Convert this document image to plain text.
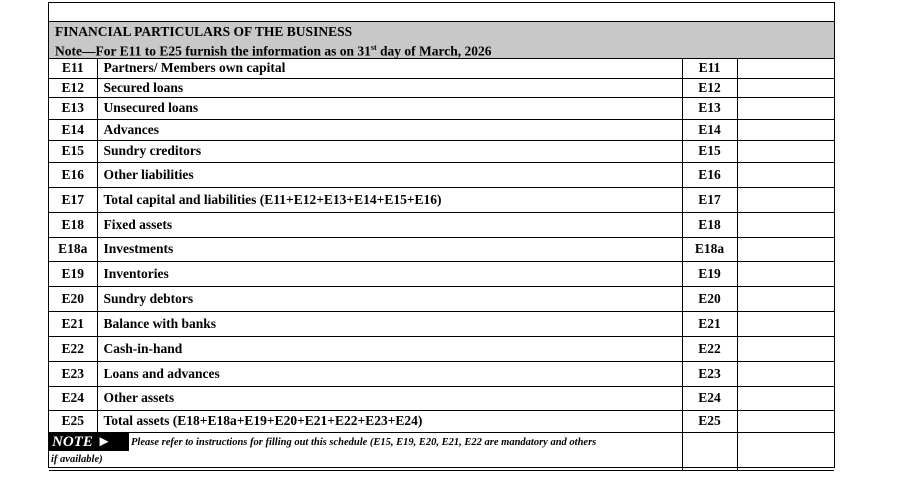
FINANCIAL PARTICULARS OF THE BUSINESS
Note—For E11 to E25 furnish the information as on 31st day of March, 2026
E11	Partners/ Members own capital	E11	
E12	Secured loans	E12	
E13	Unsecured loans	E13	
E14	Advances	E14	
E15	Sundry creditors	E15	
E16	Other liabilities	E16	
E17	Total capital and liabilities (E11+E12+E13+E14+E15+E16)	E17	
E18	Fixed assets	E18	
E18a	Investments	E18a	
E19	Inventories	E19	
E20	Sundry debtors	E20	
E21	Balance with banks	E21	
E22	Cash-in-hand	E22	
E23	Loans and advances	E23	
E24	Other assets	E24	
E25	Total assets (E18+E18a+E19+E20+E21+E22+E23+E24)	E25	

NOTE ► Please refer to instructions for filling out this schedule (E15, E19, E20, E21, E22 are mandatory and others
if available)			
